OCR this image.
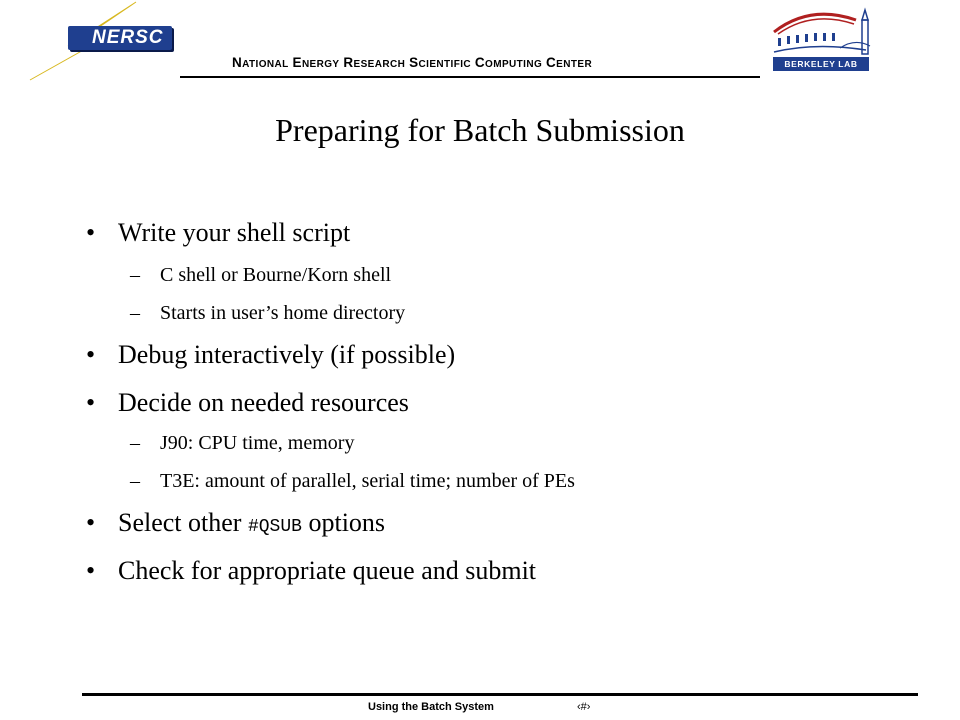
NERSC
NATIONAL ENERGY RESEARCH SCIENTIFIC COMPUTING CENTER	BERKELEY LAB
Preparing for Batch Submission
• Write your shell script
– C shell or Bourne/Korn shell
– Starts in user’s home directory
• Debug interactively (if possible)
• Decide on needed resources
– J90: CPU time, memory
– T3E: amount of parallel, serial time; number of PEs
• Select other #QSUB options
• Check for appropriate queue and submit
Using the Batch System	‹#›
